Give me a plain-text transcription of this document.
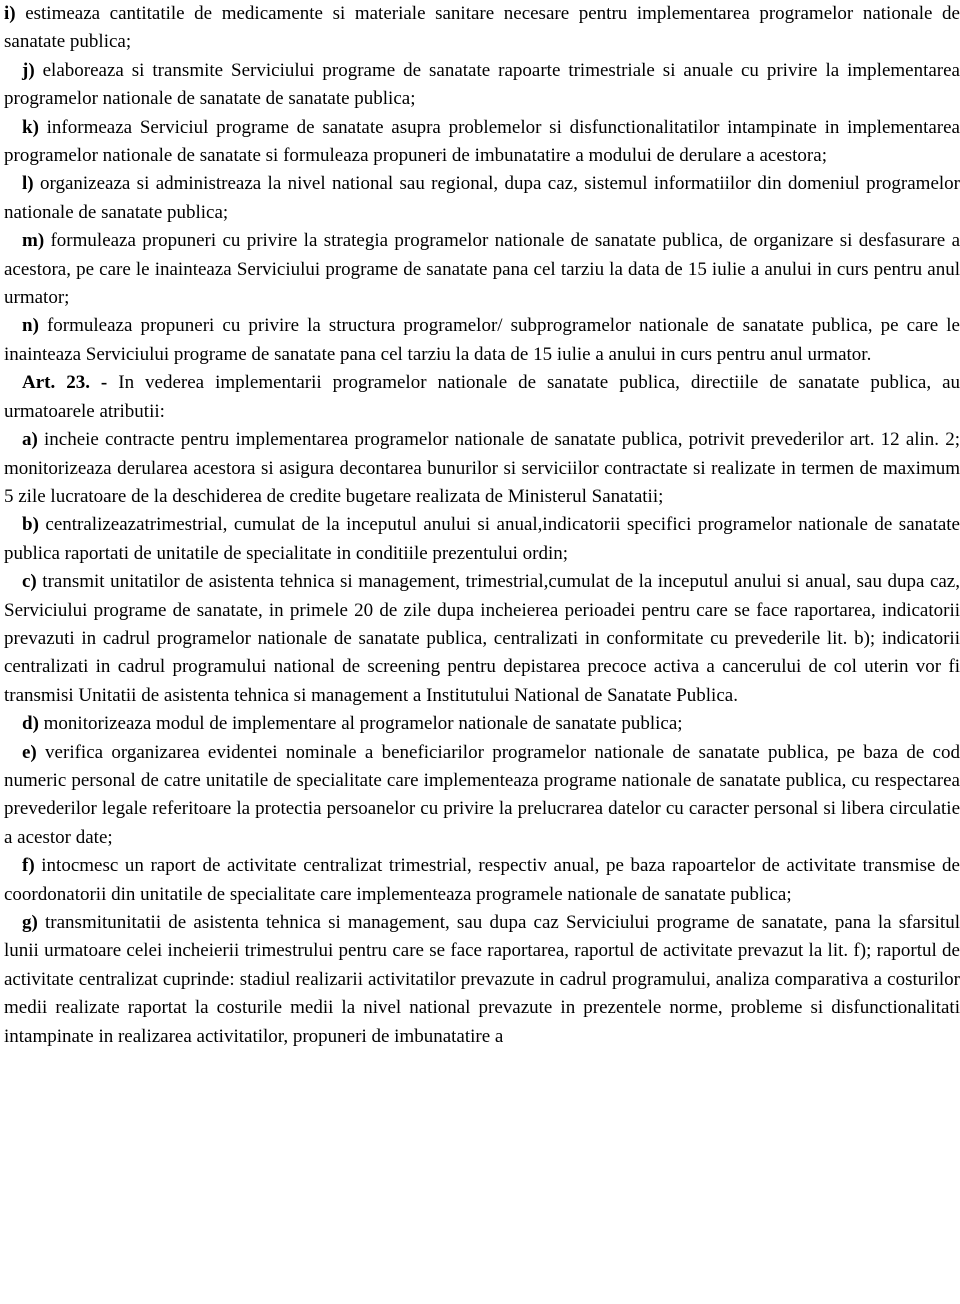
i) estimeaza cantitatile de medicamente si materiale sanitare necesare pentru implementarea programelor nationale de sanatate publica;

j) elaboreaza si transmite Serviciului programe de sanatate rapoarte trimestriale si anuale cu privire la implementarea programelor nationale de sanatate de sanatate publica;

k) informeaza Serviciul programe de sanatate asupra problemelor si disfunctionalitatilor intampinate in implementarea programelor nationale de sanatate si formuleaza propuneri de imbunatatire a modului de derulare a acestora;

l) organizeaza si administreaza la nivel national sau regional, dupa caz, sistemul informatiilor din domeniul programelor nationale de sanatate publica;

m) formuleaza propuneri cu privire la strategia programelor nationale de sanatate publica, de organizare si desfasurare a acestora, pe care le inainteaza Serviciului programe de sanatate pana cel tarziu la data de 15 iulie a anului in curs pentru anul urmator;

n) formuleaza propuneri cu privire la structura programelor/ subprogramelor nationale de sanatate publica, pe care le inainteaza Serviciului programe de sanatate pana cel tarziu la data de 15 iulie a anului in curs pentru anul urmator.

Art. 23. - In vederea implementarii programelor nationale de sanatate publica, directiile de sanatate publica, au urmatoarele atributii:

a) incheie contracte pentru implementarea programelor nationale de sanatate publica, potrivit prevederilor art. 12 alin. 2; monitorizeaza derularea acestora si asigura decontarea bunurilor si serviciilor contractate si realizate in termen de maximum 5 zile lucratoare de la deschiderea de credite bugetare realizata de Ministerul Sanatatii;

b) centralizeazatrimestrial, cumulat de la inceputul anului si anual,indicatorii specifici programelor nationale de sanatate publica raportati de unitatile de specialitate in conditiile prezentului ordin;

c) transmit unitatilor de asistenta tehnica si management, trimestrial,cumulat de la inceputul anului si anual, sau dupa caz, Serviciului programe de sanatate, in primele 20 de zile dupa incheierea perioadei pentru care se face raportarea, indicatorii prevazuti in cadrul programelor nationale de sanatate publica, centralizati in conformitate cu prevederile lit. b); indicatorii centralizati in cadrul programului national de screening pentru depistarea precoce activa a cancerului de col uterin vor fi transmisi Unitatii de asistenta tehnica si management a Institutului National de Sanatate Publica.

d) monitorizeaza modul de implementare al programelor nationale de sanatate publica;

e) verifica organizarea evidentei nominale a beneficiarilor programelor nationale de sanatate publica, pe baza de cod numeric personal de catre unitatile de specialitate care implementeaza programe nationale de sanatate publica, cu respectarea prevederilor legale referitoare la protectia persoanelor cu privire la prelucrarea datelor cu caracter personal si libera circulatie a acestor date;

f) intocmesc un raport de activitate centralizat trimestrial, respectiv anual, pe baza rapoartelor de activitate transmise de coordonatorii din unitatile de specialitate care implementeaza programele nationale de sanatate publica;

g) transmitunitatii de asistenta tehnica si management, sau dupa caz Serviciului programe de sanatate, pana la sfarsitul lunii urmatoare celei incheierii trimestrului pentru care se face raportarea, raportul de activitate prevazut la lit. f); raportul de activitate centralizat cuprinde: stadiul realizarii activitatilor prevazute in cadrul programului, analiza comparativa a costurilor medii realizate raportat la costurile medii la nivel national prevazute in prezentele norme, probleme si disfunctionalitati intampinate in realizarea activitatilor, propuneri de imbunatatire a
